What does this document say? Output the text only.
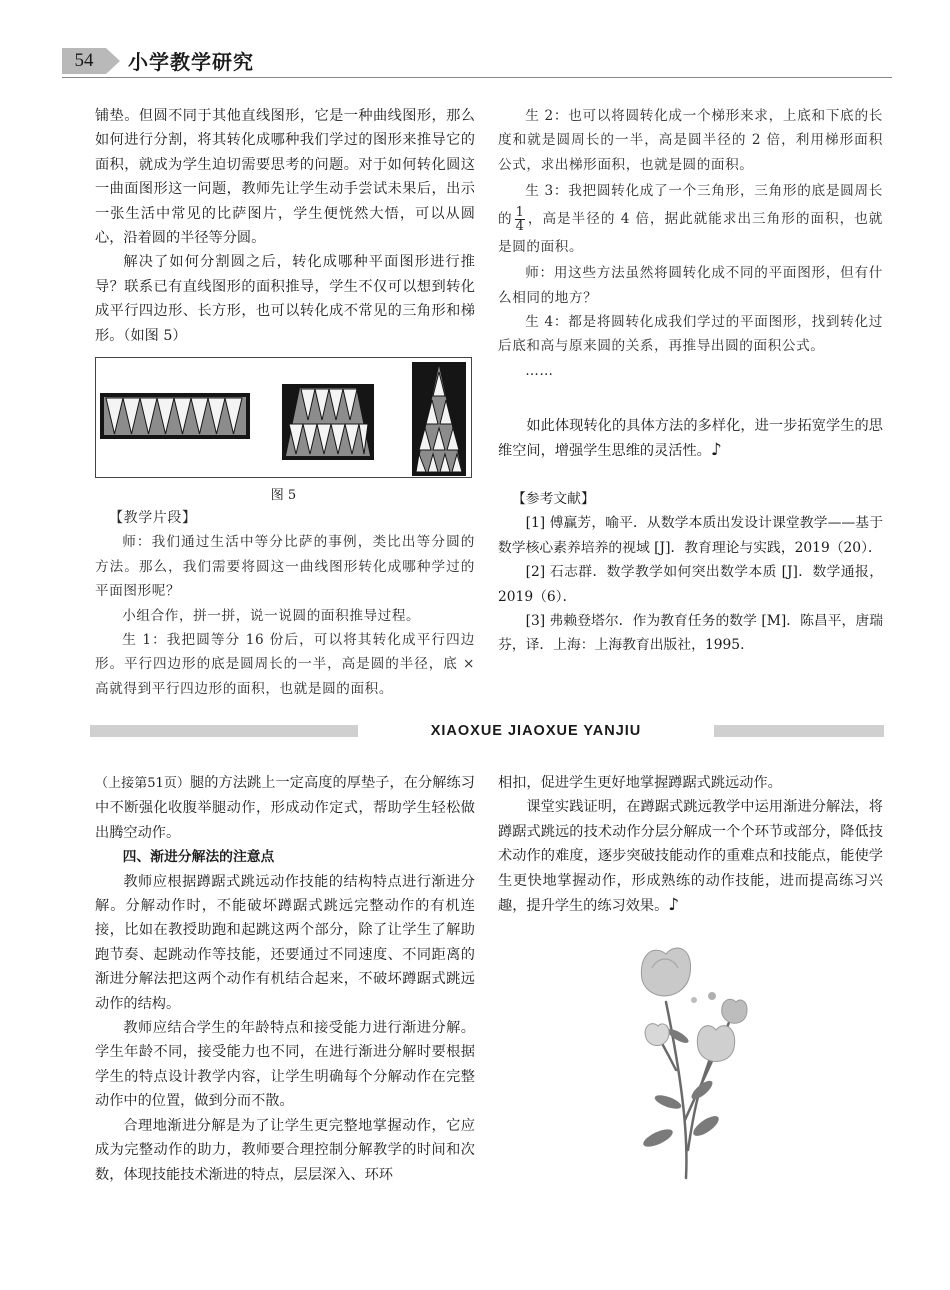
54	小学教学研究

铺垫。但圆不同于其他直线图形，它是一种曲线图形，那么如何进行分割，将其转化成哪种我们学过的图形来推导它的面积，就成为学生迫切需要思考的问题。对于如何转化圆这一曲面图形这一问题，教师先让学生动手尝试未果后，出示一张生活中常见的比萨图片，学生便恍然大悟，可以从圆心，沿着圆的半径等分圆。

解决了如何分割圆之后，转化成哪种平面图形进行推导？联系已有直线图形的面积推导，学生不仅可以想到转化成平行四边形、长方形，也可以转化成不常见的三角形和梯形。（如图 5）

图 5

【教学片段】

师：我们通过生活中等分比萨的事例，类比出等分圆的方法。那么，我们需要将圆这一曲线图形转化成哪种学过的平面图形呢？

小组合作，拼一拼，说一说圆的面积推导过程。

生 1：我把圆等分 16 份后，可以将其转化成平行四边形。平行四边形的底是圆周长的一半，高是圆的半径，底 × 高就得到平行四边形的面积，也就是圆的面积。

生 2：也可以将圆转化成一个梯形来求，上底和下底的长度和就是圆周长的一半，高是圆半径的 2 倍，利用梯形面积公式，求出梯形面积，也就是圆的面积。

生 3：我把圆转化成了一个三角形，三角形的底是圆周长的 $\frac{1}{4}$ ，高是半径的 4 倍，据此就能求出三角形的面积，也就是圆的面积。

师：用这些方法虽然将圆转化成不同的平面图形，但有什么相同的地方？

生 4：都是将圆转化成我们学过的平面图形，找到转化过后底和高与原来圆的关系，再推导出圆的面积公式。

……

如此体现转化的具体方法的多样化，进一步拓宽学生的思维空间，增强学生思维的灵活性。♪

【参考文献】

[1] 傅赢芳，喻平．从数学本质出发设计课堂教学——基于数学核心素养培养的视域 [J]．教育理论与实践，2019（20）．

[2] 石志群．数学教学如何突出数学本质 [J]．数学通报，2019（6）．

[3] 弗赖登塔尔．作为教育任务的数学 [M]．陈昌平，唐瑞芬，译．上海：上海教育出版社，1995.

XIAOXUE JIAOXUE YANJIU

（上接第51页）腿的方法跳上一定高度的厚垫子，在分解练习中不断强化收腹举腿动作，形成动作定式，帮助学生轻松做出腾空动作。

四、渐进分解法的注意点

教师应根据蹲踞式跳远动作技能的结构特点进行渐进分解。分解动作时，不能破坏蹲踞式跳远完整动作的有机连接，比如在教授助跑和起跳这两个部分，除了让学生了解助跑节奏、起跳动作等技能，还要通过不同速度、不同距离的渐进分解法把这两个动作有机结合起来，不破坏蹲踞式跳远动作的结构。

教师应结合学生的年龄特点和接受能力进行渐进分解。学生年龄不同，接受能力也不同，在进行渐进分解时要根据学生的特点设计教学内容，让学生明确每个分解动作在完整动作中的位置，做到分而不散。

合理地渐进分解是为了让学生更完整地掌握动作，它应成为完整动作的助力，教师要合理控制分解教学的时间和次数，体现技能技术渐进的特点，层层深入、环环

相扣，促进学生更好地掌握蹲踞式跳远动作。

课堂实践证明，在蹲踞式跳远教学中运用渐进分解法，将蹲踞式跳远的技术动作分层分解成一个个环节或部分，降低技术动作的难度，逐步突破技能动作的重难点和技能点，能使学生更快地掌握动作，形成熟练的动作技能，进而提高练习兴趣，提升学生的练习效果。♪
